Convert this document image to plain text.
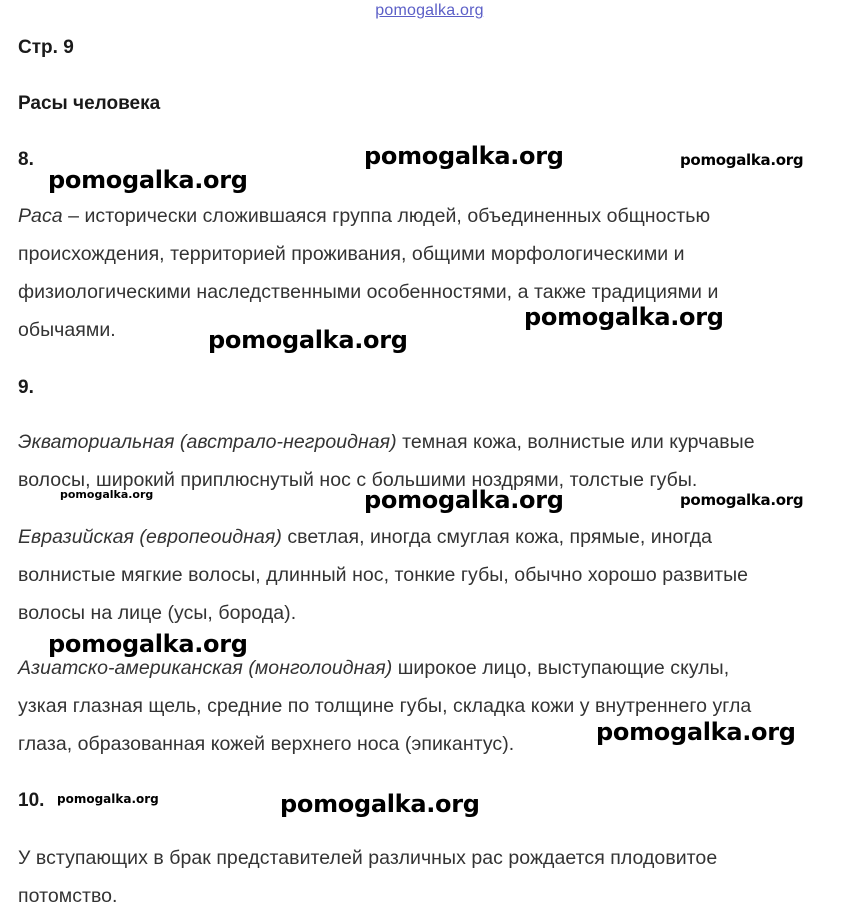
pomogalka.org
Стр. 9
Расы человека
8.	pomogalka.org	pomogalka.org
pomogalka.org
Раса – исторически сложившаяся группа людей, объединенных общностью
происхождения, территорией проживания, общими морфологическими и
физиологическими наследственными особенностями, а также традициями и
обычаями.	pomogalka.org
pomogalka.org
9.
Экваториальная (австрало-негроидная) темная кожа, волнистые или курчавые
волосы, широкий приплюснутый нос с большими ноздрями, толстые губы.
pomogalka.org	pomogalka.org	pomogalka.org
Евразийская (европеоидная) светлая, иногда смуглая кожа, прямые, иногда
волнистые мягкие волосы, длинный нос, тонкие губы, обычно хорошо развитые
волосы на лице (усы, борода).
pomogalka.org
Азиатско-американская (монголоидная) широкое лицо, выступающие скулы,
узкая глазная щель, средние по толщине губы, складка кожи у внутреннего угла
глаза, образованная кожей верхнего носа (эпикантус).	pomogalka.org
10. pomogalka.org	pomogalka.org
У вступающих в брак представителей различных рас рождается плодовитое
потомство.
